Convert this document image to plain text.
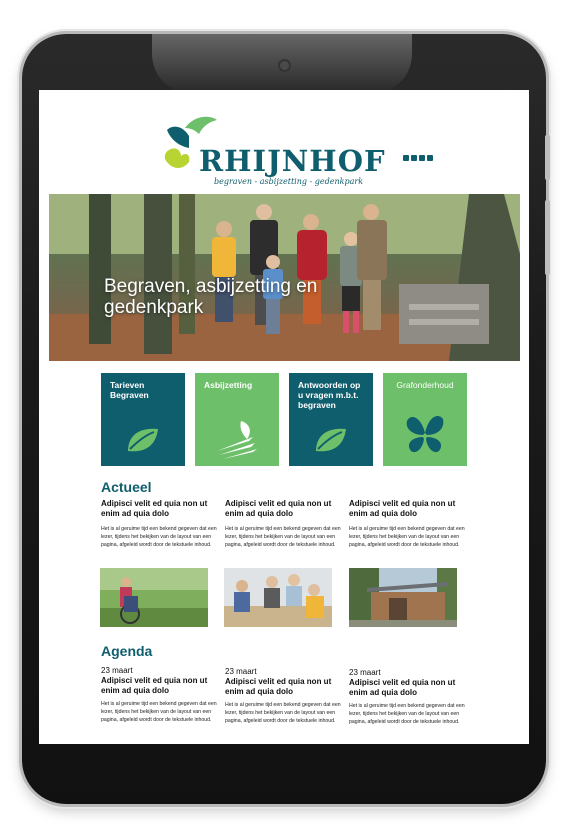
RHIJNHOF
begraven - asbijzetting - gedenkpark
Begraven, asbijzetting en gedenkpark
Tarieven Begraven
Asbijzetting	Antwoorden op u vragen m.b.t. begraven
Grafonderhoud
Actueel
Adipisci velit ed quia non ut enim ad quia dolo
Het is al geruime tijd een bekend gegeven dat een lezer, tijdens het bekijken van de layout van een pagina, afgeleid wordt door de tekstuele inhoud.
Adipisci velit ed quia non ut enim ad quia dolo
Het is al geruime tijd een bekend gegeven dat een lezer, tijdens het bekijken van de layout van een pagina, afgeleid wordt door de tekstuele inhoud.
Adipisci velit ed quia non ut enim ad quia dolo
Het is al geruime tijd een bekend gegeven dat een lezer, tijdens het bekijken van de layout van een pagina, afgeleid wordt door de tekstuele inhoud.
Agenda
23 maart
Adipisci velit ed quia non ut enim ad quia dolo
Het is al geruime tijd een bekend gegeven dat een lezer, tijdens het bekijken van de layout van een pagina, afgeleid wordt door de tekstuele inhoud.
23 maart
Adipisci velit ed quia non ut enim ad quia dolo
Het is al geruime tijd een bekend gegeven dat een lezer, tijdens het bekijken van de layout van een pagina, afgeleid wordt door de tekstuele inhoud.
23 maart
Adipisci velit ed quia non ut enim ad quia dolo
Het is al geruime tijd een bekend gegeven dat een lezer, tijdens het bekijken van de layout van een pagina, afgeleid wordt door de tekstuele inhoud.
